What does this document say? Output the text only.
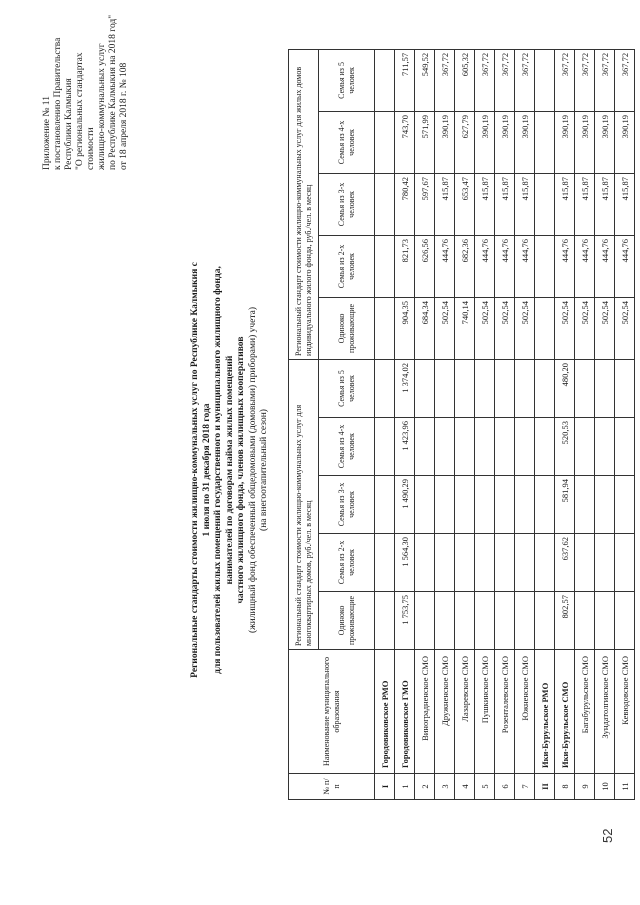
Приложение № 11 к постановлению Правительства Республики Калмыкия "О региональных стандартах стоимости жилищно-коммунальных услуг по Республике Калмыкия на 2018 год" от 18 апреля 2018 г. № 108
Региональные стандарты стоимости жилищно-коммунальных услуг по Республике Калмыкия с 1 июля по 31 декабря 2018 года для пользователей жилых помещений государственного и муниципального жилищного фонда, нанимателей по договорам найма жилых помещений частного жилищного фонда, членов жилищных кооперативов (жилищный фонд обеспеченный общедомовыми (домовыми) приборами) учета) (на внегоотапительный сезон)
№ п/п	Наименование муниципального образования	Региональный стандарт стоимости жилищно-коммунальных услуг для многоквартирных домов, руб./чел. в месяц					Региональный стандарт стоимости жилищно-коммунальных услуг для жилых домов индивидуального жилого фонда, руб./чел. в месяц				
		Одиноко проживающие	Семья из 2-х человек	Семья из 3-х человек	Семья из 4-х человек	Семья из 5 человек	Одиноко проживающие	Семья из 2-х человек	Семья из 3-х человек	Семья из 4-х человек	Семья из 5 человек
I	Городовиковское РМО										
1	Городовиковское ГМО	1 753,75	1 564,30	1 490,29	1 423,96	1 374,02	904,35	821,73	780,42	743,70	711,57
2	Виноградненское СМО						684,34	626,56	597,67	571,99	549,52
3	Дружненское СМО						502,54	444,76	415,87	390,19	367,72
4	Лазаревское СМО						740,14	682,36	653,47	627,79	605,32
5	Пушкинское СМО						502,54	444,76	415,87	390,19	367,72
6	Розенталевское СМО						502,54	444,76	415,87	390,19	367,72
7	Южненское СМО						502,54	444,76	415,87	390,19	367,72
II	Ики-Бурульское РМО										
8	Ики-Бурульское СМО	802,57	637,62	581,94	520,53	480,20	502,54	444,76	415,87	390,19	367,72
9	Багабурульское СМО						502,54	444,76	415,87	390,19	367,72
10	Зундатолгинское СМО						502,54	444,76	415,87	390,19	367,72
11	Кевюдовское СМО						502,54	444,76	415,87	390,19	367,72
52
